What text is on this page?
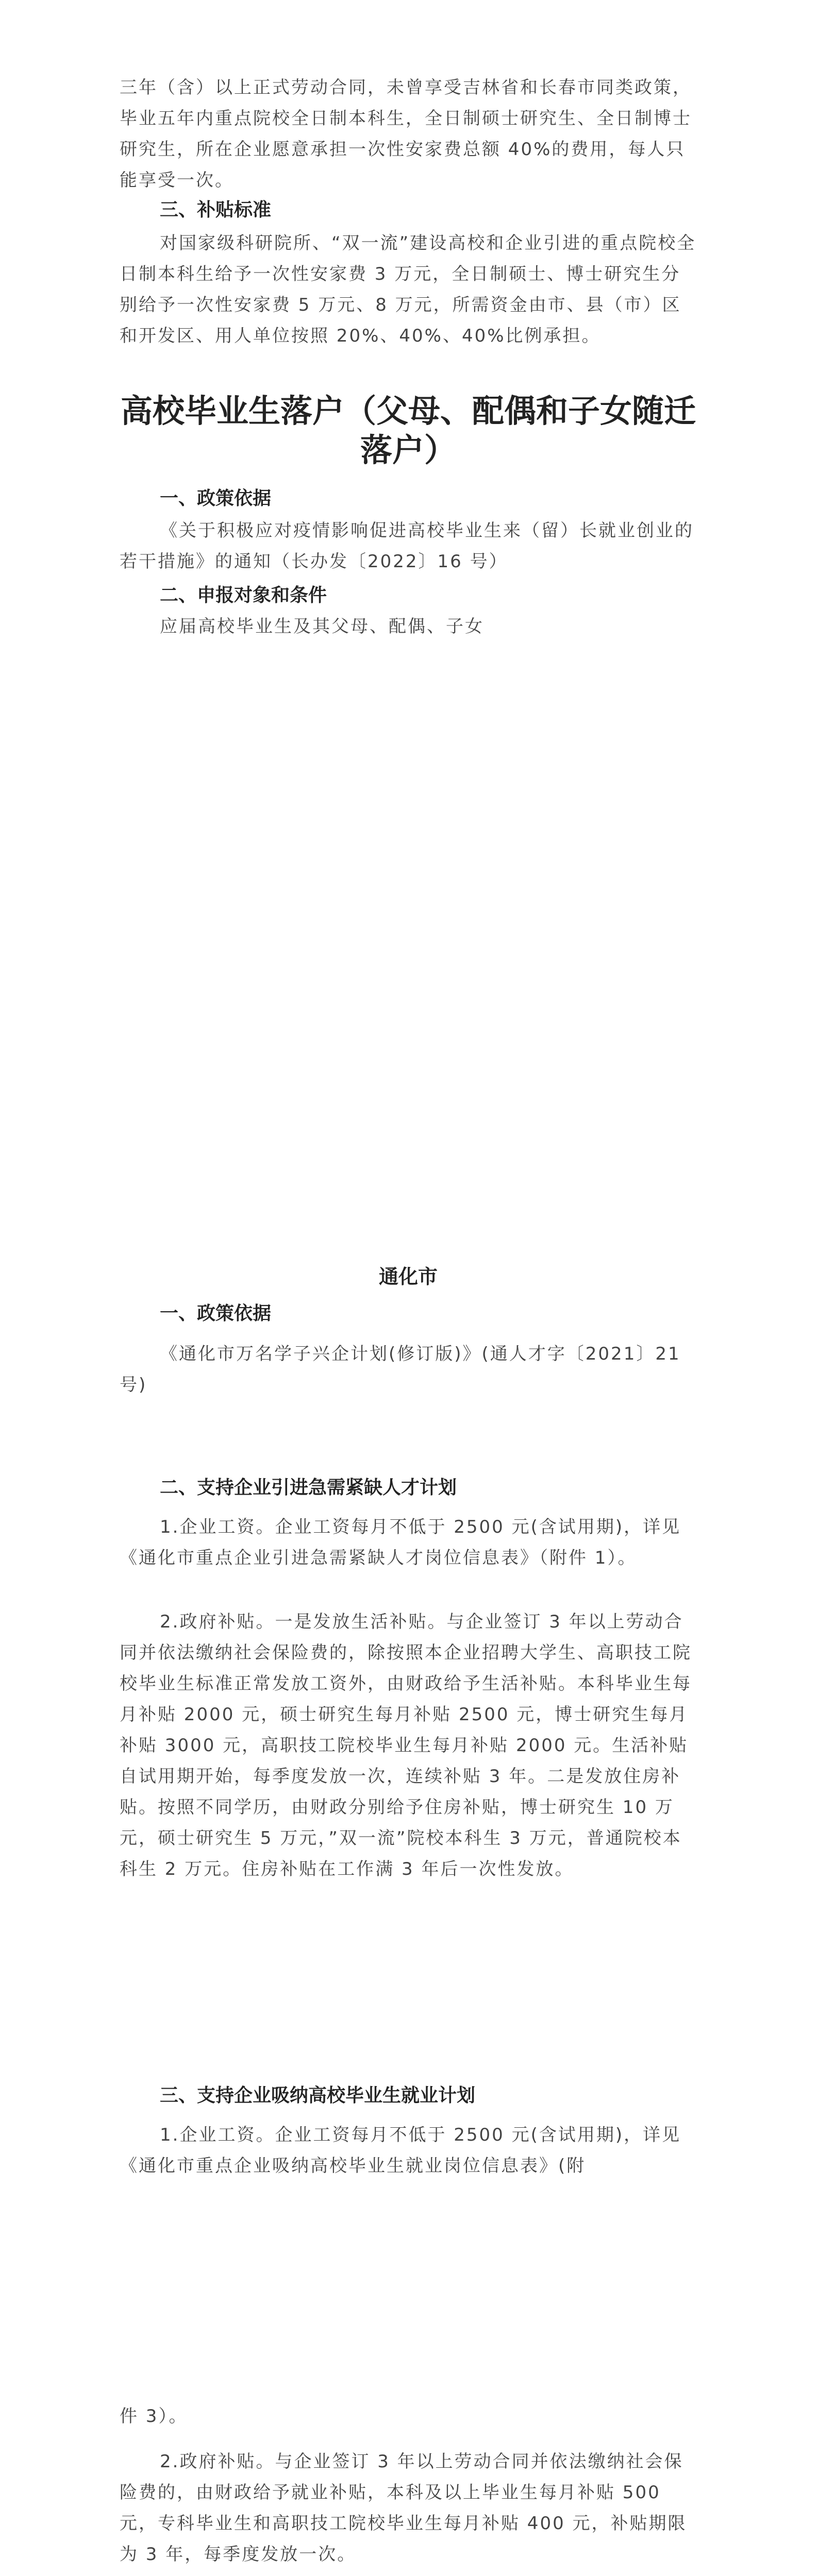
三年（含）以上正式劳动合同，未曾享受吉林省和长春市同类政策，毕业五年内重点院校全日制本科生，全日制硕士研究生、全日制博士研究生，所在企业愿意承担一次性安家费总额 40%的费用，每人只能享受一次。

三、补贴标准

对国家级科研院所、“双一流”建设高校和企业引进的重点院校全日制本科生给予一次性安家费 3 万元，全日制硕士、博士研究生分别给予一次性安家费 5 万元、8 万元，所需资金由市、县（市）区和开发区、用人单位按照 20%、40%、40%比例承担。

高校毕业生落户（父母、配偶和子女随迁落户）

一、政策依据

《关于积极应对疫情影响促进高校毕业生来（留）长就业创业的若干措施》的通知（长办发〔2022〕16 号）

二、申报对象和条件

应届高校毕业生及其父母、配偶、子女

通化市

一、政策依据

《通化市万名学子兴企计划(修订版)》(通人才字〔2021〕21 号)

二、支持企业引进急需紧缺人才计划

1.企业工资。企业工资每月不低于 2500 元(含试用期)，详见《通化市重点企业引进急需紧缺人才岗位信息表》（附件 1）。

2.政府补贴。一是发放生活补贴。与企业签订 3 年以上劳动合同并依法缴纳社会保险费的，除按照本企业招聘大学生、高职技工院校毕业生标准正常发放工资外，由财政给予生活补贴。本科毕业生每月补贴 2000 元，硕士研究生每月补贴 2500 元，博士研究生每月补贴 3000 元，高职技工院校毕业生每月补贴 2000 元。生活补贴自试用期开始，每季度发放一次，连续补贴 3 年。二是发放住房补贴。按照不同学历，由财政分别给予住房补贴，博士研究生 10 万元，硕士研究生 5 万元，”双一流”院校本科生 3 万元，普通院校本科生 2 万元。住房补贴在工作满 3 年后一次性发放。

三、支持企业吸纳高校毕业生就业计划

1.企业工资。企业工资每月不低于 2500 元(含试用期)，详见《通化市重点企业吸纳高校毕业生就业岗位信息表》(附

件 3）。

2.政府补贴。与企业签订 3 年以上劳动合同并依法缴纳社会保险费的，由财政给予就业补贴，本科及以上毕业生每月补贴 500 元，专科毕业生和高职技工院校毕业生每月补贴 400 元，补贴期限为 3 年，每季度发放一次。
